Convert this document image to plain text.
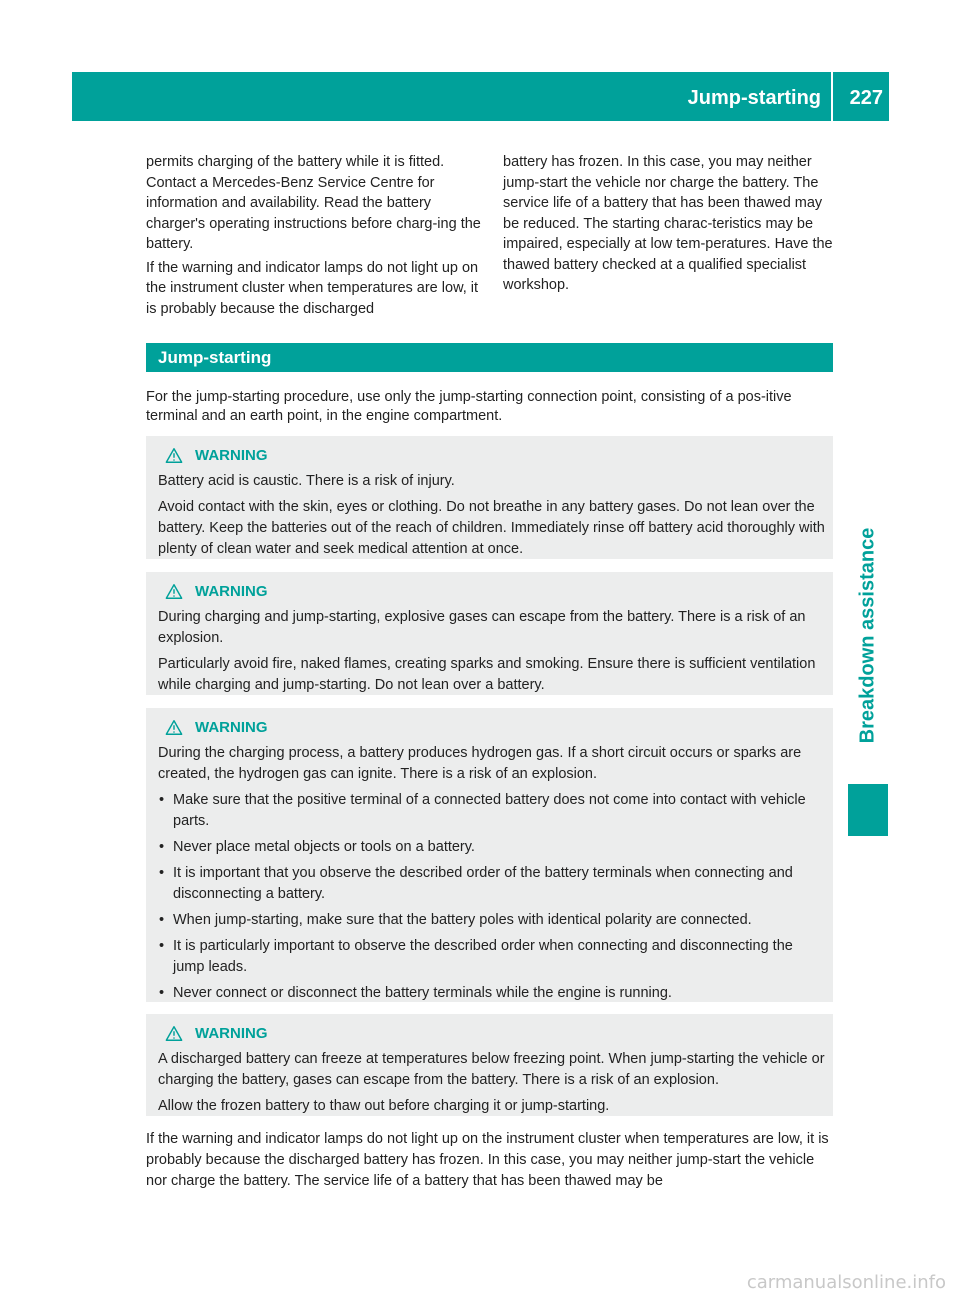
Jump-starting 227
Breakdown assistance

permits charging of the battery while it is fitted. Contact a Mercedes-Benz Service Centre for information and availability. Read the battery charger's operating instructions before charg-ing the battery.

If the warning and indicator lamps do not light up on the instrument cluster when temperatures are low, it is probably because the discharged

battery has frozen. In this case, you may neither jump-start the vehicle nor charge the battery. The service life of a battery that has been thawed may be reduced. The starting charac-teristics may be impaired, especially at low tem-peratures. Have the thawed battery checked at a qualified specialist workshop.

Jump-starting

For the jump-starting procedure, use only the jump-starting connection point, consisting of a pos-itive terminal and an earth point, in the engine compartment.

WARNING

Battery acid is caustic. There is a risk of injury.

Avoid contact with the skin, eyes or clothing. Do not breathe in any battery gases. Do not lean over the battery. Keep the batteries out of the reach of children. Immediately rinse off battery acid thoroughly with plenty of clean water and seek medical attention at once.

WARNING

During charging and jump-starting, explosive gases can escape from the battery. There is a risk of an explosion.

Particularly avoid fire, naked flames, creating sparks and smoking. Ensure there is sufficient ventilation while charging and jump-starting. Do not lean over a battery.

WARNING

During the charging process, a battery produces hydrogen gas. If a short circuit occurs or sparks are created, the hydrogen gas can ignite. There is a risk of an explosion.

• Make sure that the positive terminal of a connected battery does not come into contact with vehicle parts.
• Never place metal objects or tools on a battery.
• It is important that you observe the described order of the battery terminals when connecting and disconnecting a battery.
• When jump-starting, make sure that the battery poles with identical polarity are connected.
• It is particularly important to observe the described order when connecting and disconnecting the jump leads.
• Never connect or disconnect the battery terminals while the engine is running.
WARNING

A discharged battery can freeze at temperatures below freezing point. When jump-starting the vehicle or charging the battery, gases can escape from the battery. There is a risk of an explosion.

Allow the frozen battery to thaw out before charging it or jump-starting.

If the warning and indicator lamps do not light up on the instrument cluster when temperatures are low, it is probably because the discharged battery has frozen. In this case, you may neither jump-start the vehicle nor charge the battery. The service life of a battery that has been thawed may be

carmanualsonline.info
